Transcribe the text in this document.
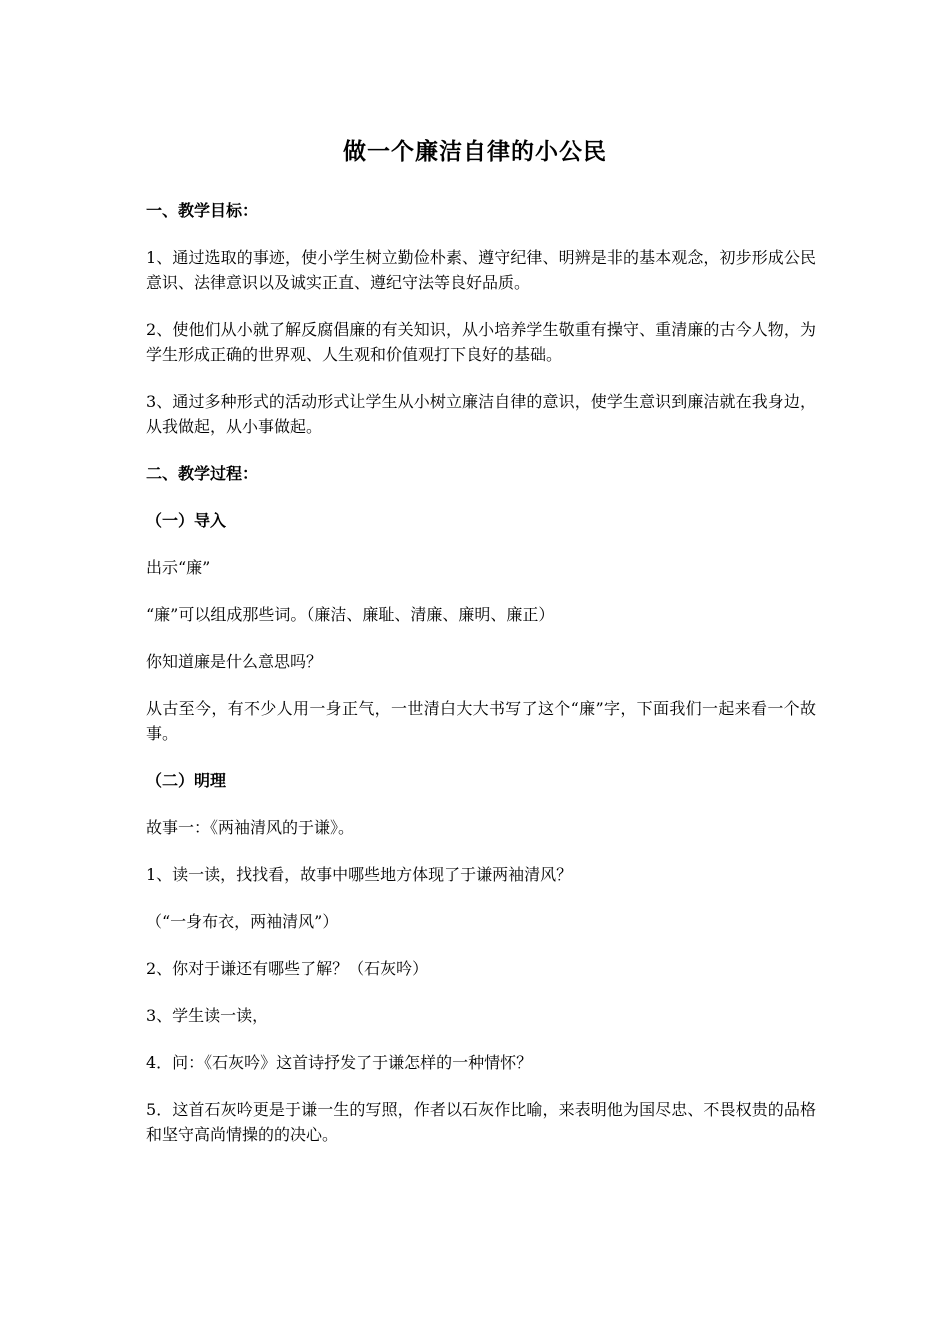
做一个廉洁自律的小公民

一、教学目标：

1、通过选取的事迹，使小学生树立勤俭朴素、遵守纪律、明辨是非的基本观念，初步形成公民意识、法律意识以及诚实正直、遵纪守法等良好品质。

2、使他们从小就了解反腐倡廉的有关知识，从小培养学生敬重有操守、重清廉的古今人物，为学生形成正确的世界观、人生观和价值观打下良好的基础。

3、通过多种形式的活动形式让学生从小树立廉洁自律的意识，使学生意识到廉洁就在我身边，从我做起，从小事做起。

二、教学过程：

（一）导入

出示“廉”

“廉”可以组成那些词。（廉洁、廉耻、清廉、廉明、廉正）

你知道廉是什么意思吗？

从古至今，有不少人用一身正气，一世清白大大书写了这个“廉”字，下面我们一起来看一个故事。

（二）明理

故事一：《两袖清风的于谦》。

1、读一读，找找看，故事中哪些地方体现了于谦两袖清风？

（“一身布衣，两袖清风”）

2、你对于谦还有哪些了解？（石灰吟）

3、学生读一读，

4．问：《石灰吟》这首诗抒发了于谦怎样的一种情怀？

5．这首石灰吟更是于谦一生的写照，作者以石灰作比喻，来表明他为国尽忠、不畏权贵的品格和坚守高尚情操的的决心。
